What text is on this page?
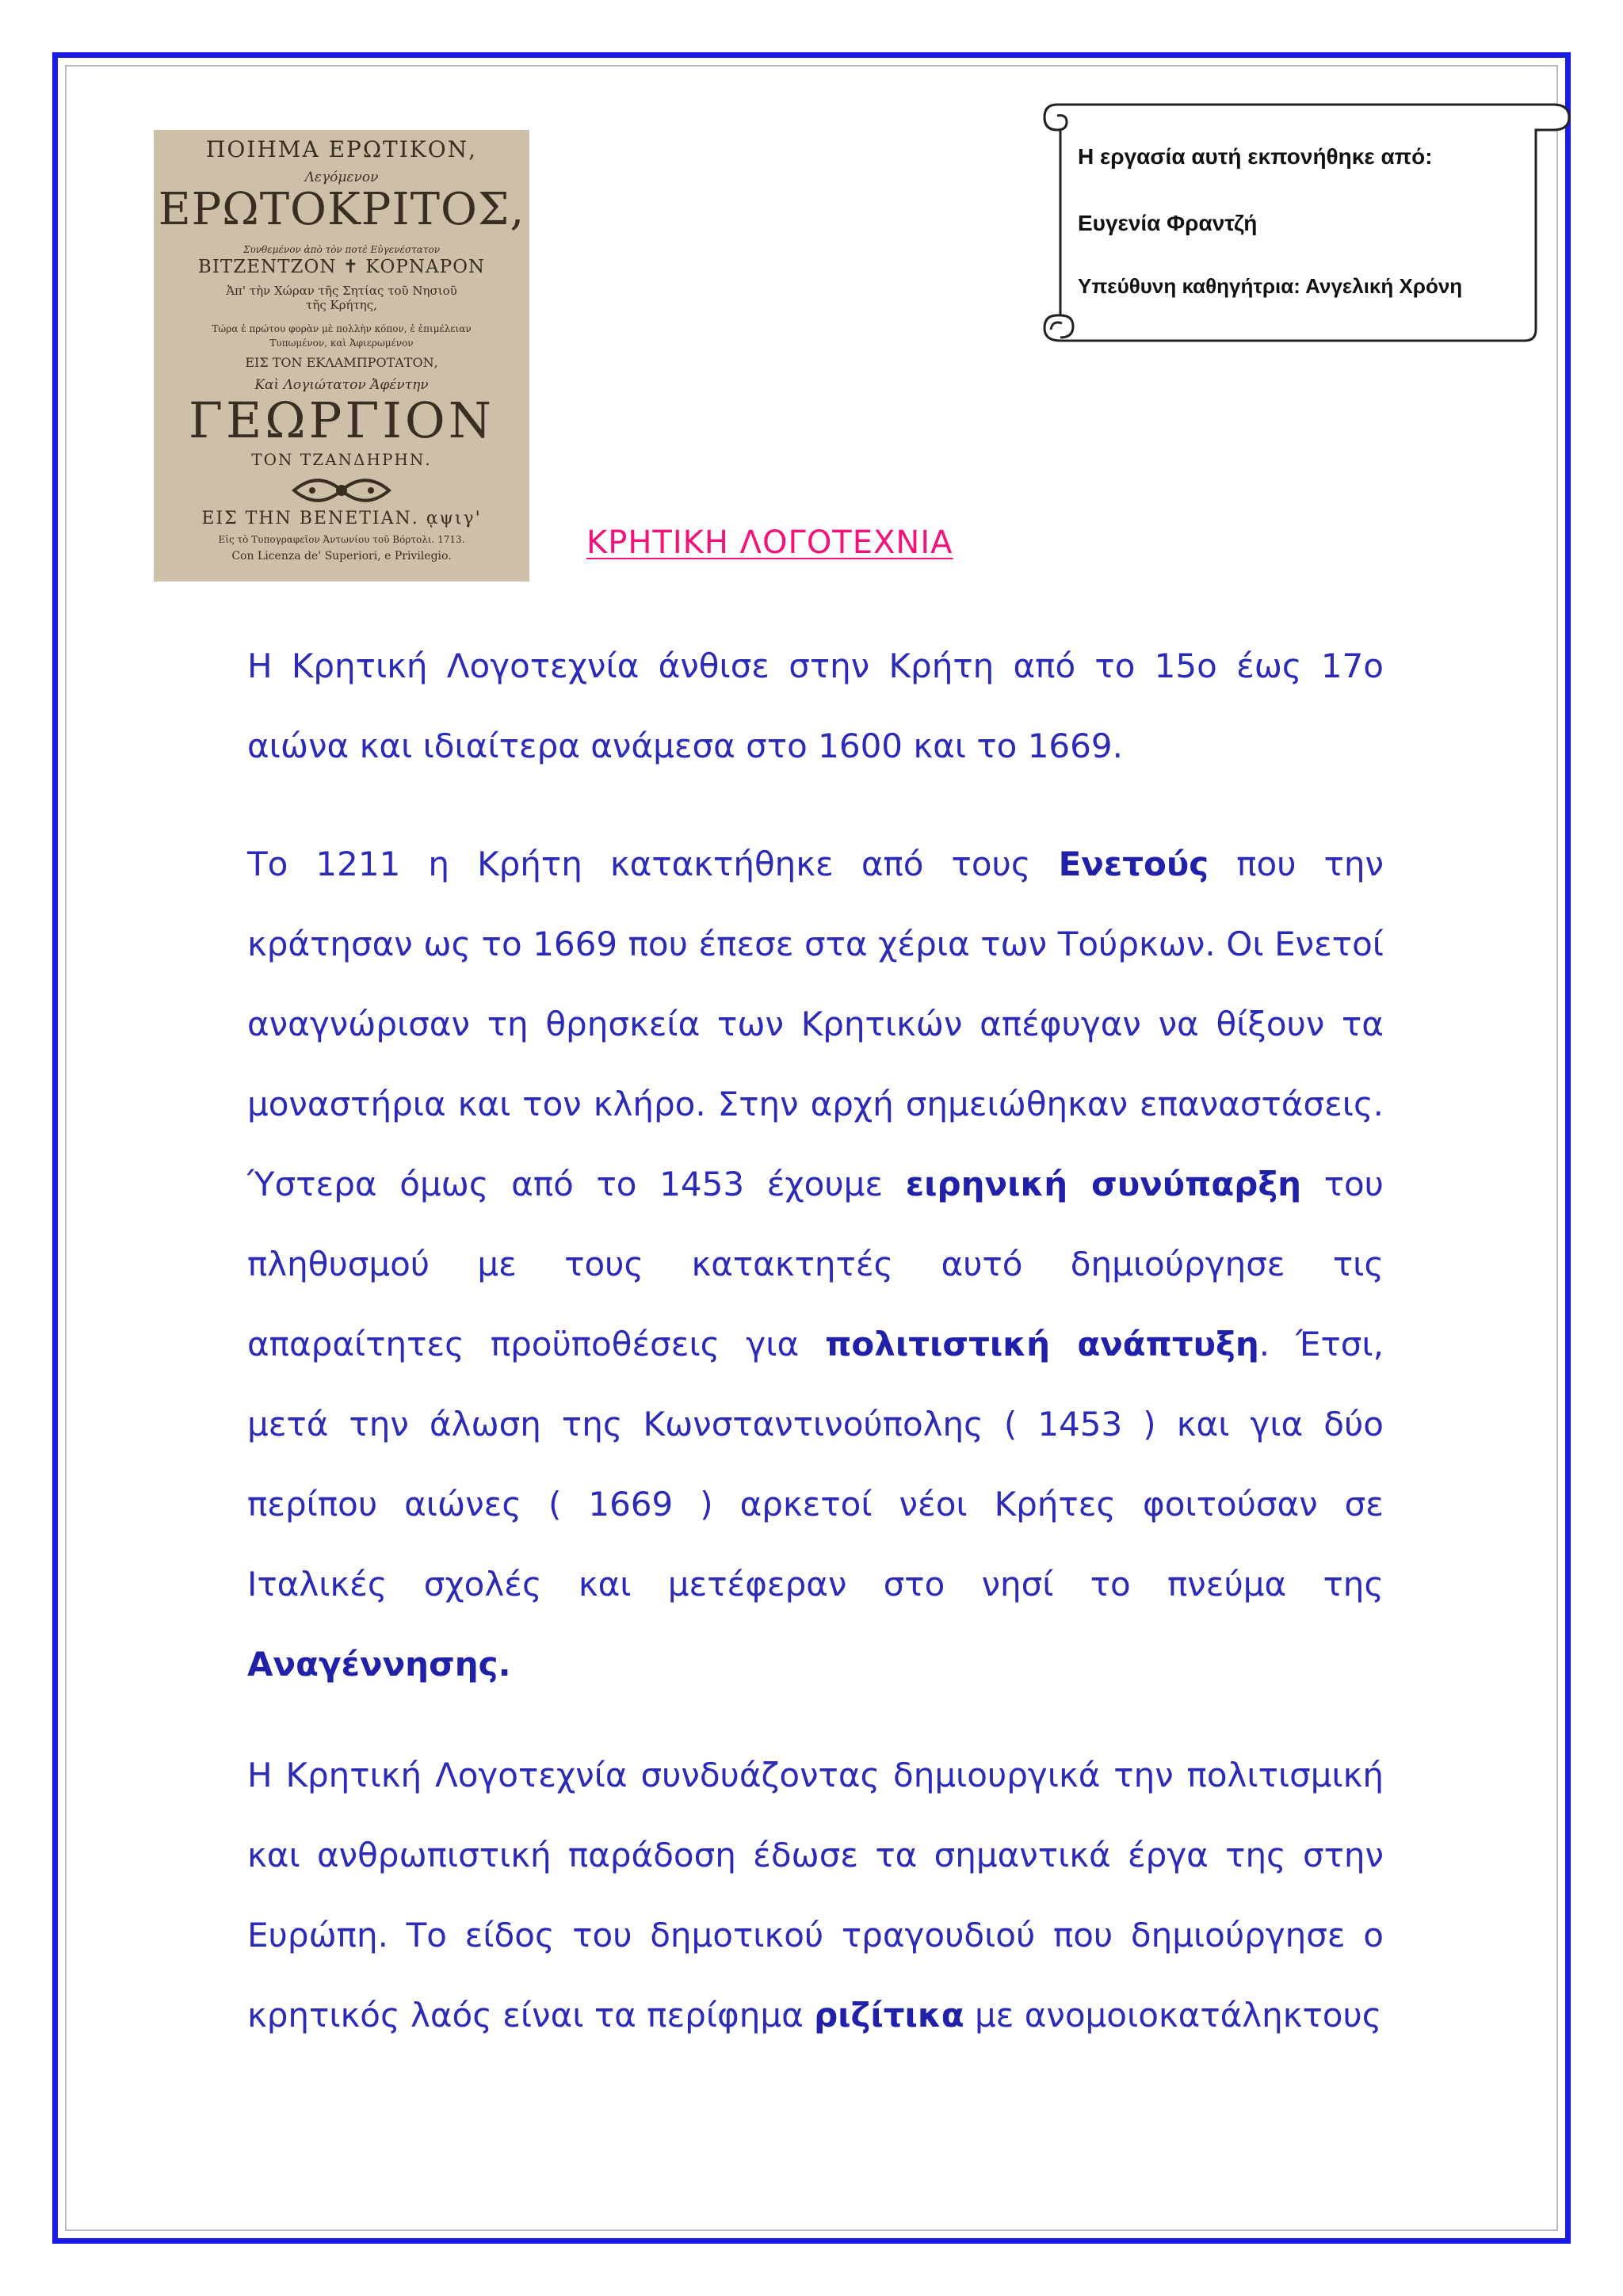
ΠΟΙΗΜΑ ΕΡΩΤΙΚΟΝ,
Λεγόμενον
ΕΡΩΤΟΚΡΙΤΟΣ,
Συνθεμένον ἀπὸ τὸν ποτὲ Εὐγενέστατον
ΒΙΤΖΕΝΤΖΟΝ ✝ ΚΟΡΝΑΡΟΝ
Ἀπ' τὴν Χώραν τῆς Σητίας τοῦ Νησιοῦ
τῆς Κρήτης,
Τώρα ἐ πρώτου φορὰν μὲ πολλὴν κόπον, ἐ ἐπιμέλειαν
Τυπωμένον, καὶ Ἀφιερωμένον
ΕΙΣ ΤΟΝ ΕΚΛΑΜΠΡΟΤΑΤΟΝ,
Καὶ Λογιώτατον Ἀφέντην
ΓΕΩΡΓΙΟΝ
ΤΟΝ ΤΖΑΝΔΗΡΗΝ.
ΕΙΣ ΤΗΝ ΒΕΝΕΤΙΑΝ. ᾳψιγ'
Εἰς τὸ Τυπογραφεῖον Ἀντωνίου τοῦ Βόρτολι. 1713.
Con Licenza de' Superiori, e Privilegio.
Η εργασία αυτή εκπονήθηκε από:
Ευγενία Φραντζή
Υπεύθυνη καθηγήτρια: Ανγελική Χρόνη
ΚΡΗΤΙΚΗ ΛΟΓΟΤΕΧΝΙΑ

Η Κρητική Λογοτεχνία άνθισε στην Κρήτη από το 15ο έως 17ο αιώνα και ιδιαίτερα ανάμεσα στο 1600 και το 1669.

Το 1211 η Κρήτη κατακτήθηκε από τους Ενετούς που την κράτησαν ως το 1669 που έπεσε στα χέρια των Τούρκων. Οι Ενετοί αναγνώρισαν τη θρησκεία των Κρητικών απέφυγαν να θίξουν τα μοναστήρια και τον κλήρο. Στην αρχή σημειώθηκαν επαναστάσεις. Ύστερα όμως από το 1453 έχουμε ειρηνική συνύπαρξη του πληθυσμού με τους κατακτητές αυτό δημιούργησε τις απαραίτητες προϋποθέσεις για πολιτιστική ανάπτυξη. Έτσι, μετά την άλωση της Κωνσταντινούπολης ( 1453 ) και για δύο περίπου αιώνες ( 1669 ) αρκετοί νέοι Κρήτες φοιτούσαν σε Ιταλικές σχολές και μετέφεραν στο νησί το πνεύμα της Αναγέννησης.

Η Κρητική Λογοτεχνία συνδυάζοντας δημιουργικά την πολιτισμική και ανθρωπιστική παράδοση έδωσε τα σημαντικά έργα της στην Ευρώπη. Το είδος του δημοτικού τραγουδιού που δημιούργησε ο κρητικός λαός είναι τα περίφημα ριζίτικα με ανομοιοκατάληκτους
